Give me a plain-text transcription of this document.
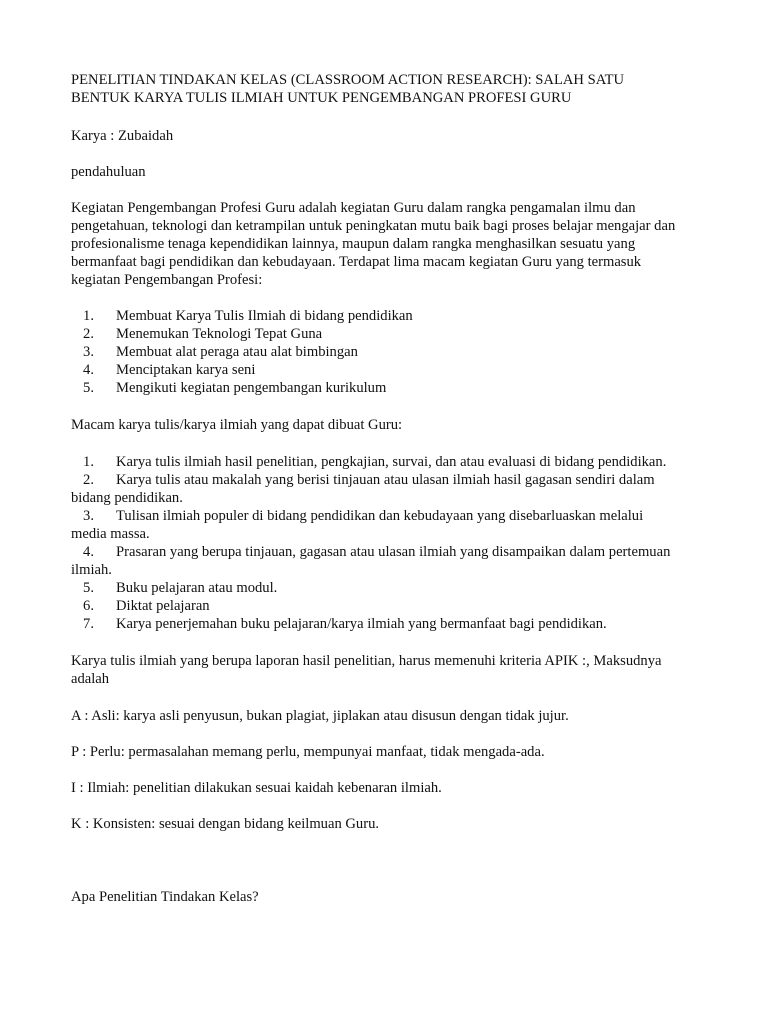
PENELITIAN TINDAKAN KELAS (CLASSROOM ACTION RESEARCH): SALAH SATU
BENTUK KARYA TULIS ILMIAH UNTUK PENGEMBANGAN PROFESI GURU
Karya : Zubaidah
pendahuluan
Kegiatan Pengembangan Profesi Guru adalah kegiatan Guru dalam rangka pengamalan ilmu dan
pengetahuan, teknologi dan ketrampilan untuk peningkatan mutu baik bagi proses belajar mengajar dan
profesionalisme tenaga kependidikan lainnya, maupun dalam rangka menghasilkan sesuatu yang
bermanfaat bagi pendidikan dan kebudayaan. Terdapat lima macam kegiatan Guru yang termasuk
kegiatan Pengembangan Profesi:
1. Membuat Karya Tulis Ilmiah di bidang pendidikan
2. Menemukan Teknologi Tepat Guna
3. Membuat alat peraga atau alat bimbingan
4. Menciptakan karya seni
5. Mengikuti kegiatan pengembangan kurikulum
Macam karya tulis/karya ilmiah yang dapat dibuat Guru:
1. Karya tulis ilmiah hasil penelitian, pengkajian, survai, dan atau evaluasi di bidang pendidikan.
2. Karya tulis atau makalah yang berisi tinjauan atau ulasan ilmiah hasil gagasan sendiri dalam
bidang pendidikan.
3. Tulisan ilmiah populer di bidang pendidikan dan kebudayaan yang disebarluaskan melalui
media massa.
4. Prasaran yang berupa tinjauan, gagasan atau ulasan ilmiah yang disampaikan dalam pertemuan
ilmiah.
5. Buku pelajaran atau modul.
6. Diktat pelajaran
7. Karya penerjemahan buku pelajaran/karya ilmiah yang bermanfaat bagi pendidikan.
Karya tulis ilmiah yang berupa laporan hasil penelitian, harus memenuhi kriteria APIK :, Maksudnya
adalah
A : Asli: karya asli penyusun, bukan plagiat, jiplakan atau disusun dengan tidak jujur.
P : Perlu: permasalahan memang perlu, mempunyai manfaat, tidak mengada-ada.
I : Ilmiah: penelitian dilakukan sesuai kaidah kebenaran ilmiah.
K : Konsisten: sesuai dengan bidang keilmuan Guru.
Apa Penelitian Tindakan Kelas?
